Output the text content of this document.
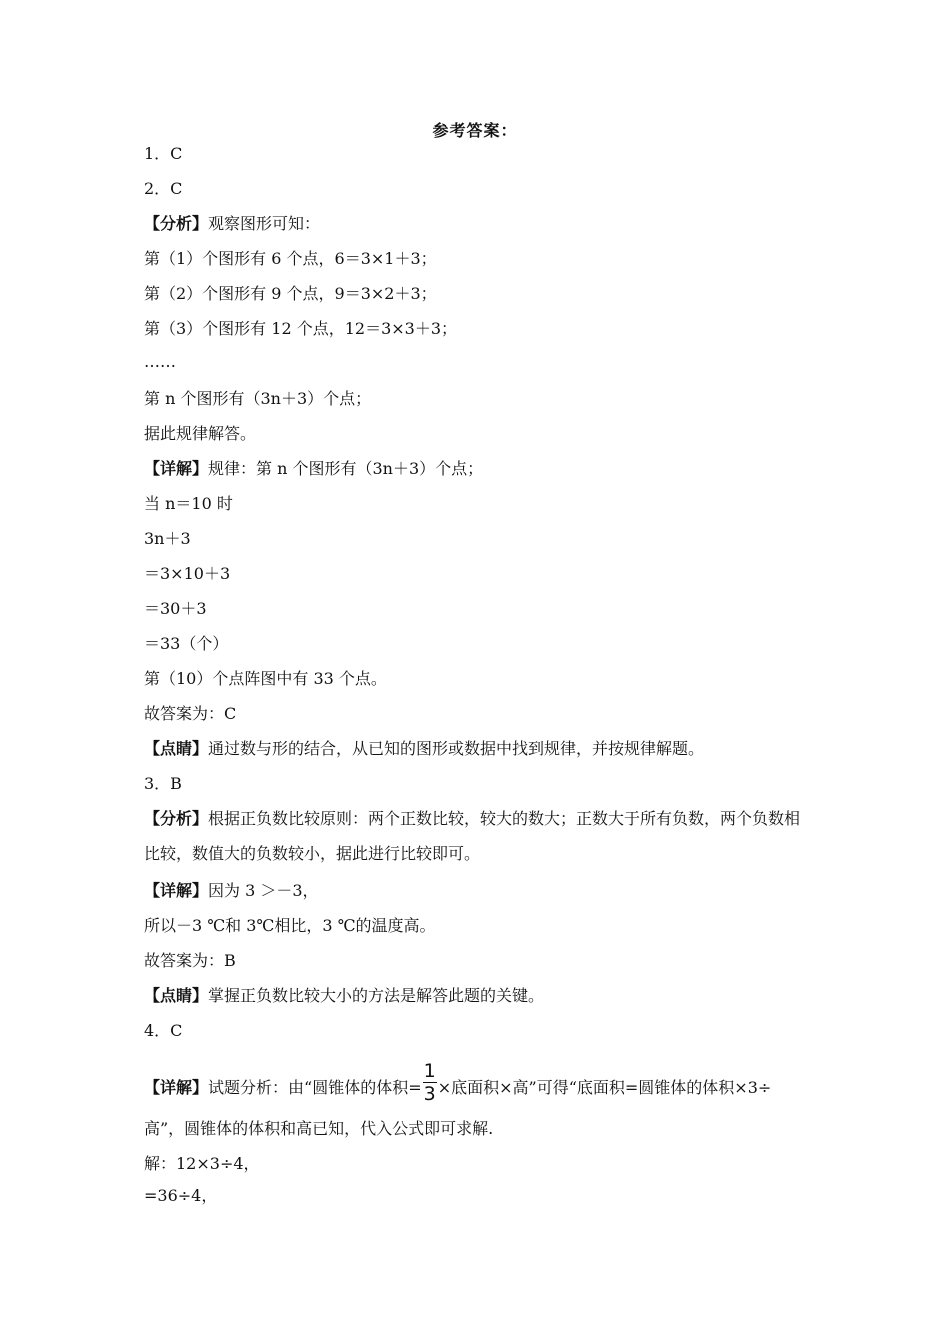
参考答案：
1．C
2．C
【分析】观察图形可知：
第（1）个图形有 6 个点，6＝3×1＋3；
第（2）个图形有 9 个点，9＝3×2＋3；
第（3）个图形有 12 个点，12＝3×3＋3；
……
第 n 个图形有（3n＋3）个点；
据此规律解答。
【详解】规律：第 n 个图形有（3n＋3）个点；
当 n＝10 时
3n＋3
＝3×10＋3
＝30＋3
＝33（个）
第（10）个点阵图中有 33 个点。
故答案为：C
【点睛】通过数与形的结合，从已知的图形或数据中找到规律，并按规律解题。
3．B
【分析】根据正负数比较原则：两个正数比较，较大的数大；正数大于所有负数，两个负数相比较，数值大的负数较小，据此进行比较即可。
【详解】因为 3 ＞－3，
所以－3 ℃和 3℃相比，3 ℃的温度高。
故答案为：B
【点睛】掌握正负数比较大小的方法是解答此题的关键。
4．C
【详解】试题分析：由“圆锥体的体积= $\frac{1}{3}$ ×底面积×高”可得“底面积=圆锥体的体积×3÷
高”，圆锥体的体积和高已知，代入公式即可求解.
解：12×3÷4，
=36÷4，
